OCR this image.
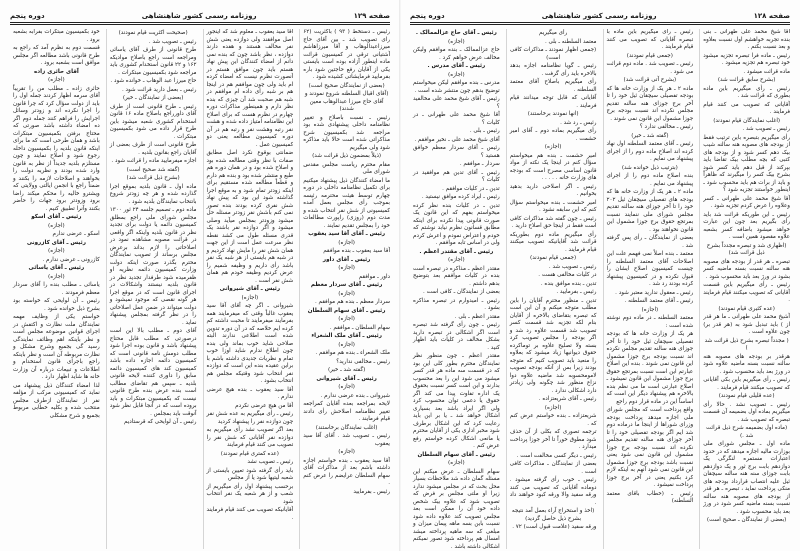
صفحه ۱۲۹
روزنامه رسمی کشور شاهنشاهی
دوره پنجم

رئیس ـ دستخط ( ۹۳ ) باکثریت (۶۲ رای تصویب شد ـ بین آقای حاج میرزاعبدالوهاب و آقا میرزاهاشم آشتیانی ترقی در کمیسیون قرائت ماده اینطور آزاده بوده است بایستی یکی از آقایان رفع حاجتین شود باره بفرمایید فرمایشاتی کشیده شود .

(بعضی از نمایندگان صحیح است)

(آقای اقبال السلطنه شروع نمودند و آقای حاج میرزا عبدالوهاب معین شدند)

رئیس ـ نسبت باصلاح و تغییر نظامنامه داخلی پیشنهادی شده بود مراجعه شد بکمیسیون شرح مذاکراتی شده است حالا باید مذاکره شود ولی میگیریم

(ذیلاً بمضمون ذیل قرائت شد)

مقام محترم ریاست مجلس مقدس شورای ملی

ما امضاء کنندگان ذیل پیشنهاد میکنیم برای تکمیل نظامنامه داخلی در دوره چهارم توسط هیئت محترمه رئیسه بموجب رأی مجلس بعمل آمده کمیسیونی از شش نفر انتخاب شده و مدت دوم (روزی) راپورت مطالعات خود را بمجلس تقدیم نمایند .

رئیس ـ آقای آقا سید یعقوب

(اجازه)

آقا سید یعقوب ـ بنده موافقم

رئیس ـ آقای داور

(اجازه)

داور ـ موافقم

رئیس ـ آقای سردار معظم

(اجازه)

سردار معظم ـ بنده هم موافقم .

رئیس ـ آقای سهام السلطان

(اجازه)

سهام السلطان ـ موافقم .

رئیس ـ آقای ملک الشعراء

(اجازه)

ملک الشعراء ـ بنده هم موافقم .

رئیس ـ مخالفی ندارید؟

(گفته شد ـ خیر)

رئیس ـ آقای شیروانی

(اجازه)

شیروانی ـ بنده عرضی ندارم .

لایحه بمراجعه بعده آقایان کمراجعه تغییر نظامنامه اصلاحش رأی دادند قیام فرمایند .

(اغلب نمایندگان برخاستند)

رئیس ـ تصویب شد . آقای آقا سید یعقوب

(اجازه)

آقا سید یعقوب ـ بنده خواستم اجازه داشته باشم بعد از مذاکرات آقای سهام السلطان عرایضم را عرض کنم .

رئیس ـ بفرمایید

آقا سید یعقوب ـ معلوم شد که اینجور اصل موافقند ولی دوازده یعنی شش نفر مخالف هستند و هفده دارند دوازده ، نظر باشد چون که بنده نمی دانم از امضاء کنندگان این پیش نهاد هستم باید چون موافق هستم در آنصورت نظرم نیست که امضاء کرده ام باید ولی چون موافقم هم در اینجا هم بر شبه رأی داده ام موافقم در شبه هم صحبت شد آن چیزی که بنده نظر دارم و همینطور مذاکرات دوره چهارم در نظرم هست که برای اصلاح این نظامنامه امتیاز داده شده و هشت نفر رتبه وهشت نفر و رتبه هم در آن دوره کمیسیون مطالعه یعنی دو کمیسیون عمل .

ضمانتی بوقوع نکرد اصل مطابق صفات با نظر وقتی مطالعه شده بود و اصلاح شده بود و در همان دوره هم طبع و منتشر شده بود و بنده هم دارم و قطعاً مطالعه شده مستقیم برای اینکه زودتر تمام شود و به موقع اجرا گذاشته شود این بود که پیش نهاد شش نفری کرده بودند بنده تصور نمی کنم باشش نفر زودتر مسئله حل میشود وزودتر بمجلس میآید وصلی میشود و اگر دوازده نفر باشند یک قدری مسئله طول می کشد نقطه نظر سرعت عمل است از این جهت همان شش نفر را مایش نهاد کردیم و در شبه هم بایستی از هر شبه یک نفر باشد رأی داریم و وظیفه شمیم را عرض کردیم وظیفه خودم هم همان شش نفر است .

رئیس ـ آقای شیروانی

(اجازه)

شیروانی ـ اگر چه آقای آقا سید یعقوب غالباً وقتی که میفرمایند همه بفرمایند میفرمایند تا محبت داشته کم کرده ایم خلاصه که در آن دوره تدوین شده است اطلاعی ندارند البته صلاحی شاید خوب بماند ولی بنده چون اطلاع ندارم شاید اوزا خوب تمام و نظریات جدیدی داشته باشم با براین عقیده بنده این است که دوازده نفر انتخاب شود وقتیکه مجلس هم انتخاب بشود .

آقا سید یعقوب ـ بنده هیچ عرضی ندارم .

آقا من هیچ عرضی نکردم

رئیس ـ رأی میگیریم به عده شش نفر چون دوازده نفر را پیشنهاد کردید

بعد اگر تصویب نشد رأی میگیریم به دوازده نفر آقایانی که شش نفر را تصویب می کنند قیام فرمایند

(عده کمتری قیام نمودند)

رئیس ـ تصویب نشد

باید رأی گرفته شود تعیین بایستی از شعبه لیتیها شود یا از مجلس

برحسب پیشنهاد اول رأی میگیریم از شعب و از هر شعبه یک نفر انتخاب شود

آقایانیکه تصویب می کنند قیام فرمایند .

(صحیحت اکثریت قیام نمودند)

رئیس ـ تصویب شد .

طرح قانونی از طرف آقای یاسائی ومراجعه است راجع باصلاح موادیکه ۱۶۲ و ۲۲ قانون استخدام کشوری باید مراجعه شود بکمیسیون مبتکرات .

حاج میرزا عبد الوهاب ـ خوانده شود .

رئیس ـ بعمل دارید قرائت شود .

(بعضی از نمایندگان ـ خیر)

رئیس ـ طرح قانونی است از طرف آقای داورراجع باصلاح ماده ۱۶ قانون استخدام کشوری شعبه میشود باین طرح قرار داده می شود بکمیسیون مبتکرات .

طرح قانونی است از طرف بعضی از آقایان راجع بقانون بلدیه .

اجازه میفرمایید ماده را قرائت شود .

(گفته شد صحیح است)

(بشرح ذیل قرائت شد)

ماده اول ـ قانون بلدیه بموقع اجرا گذارده شده و هر چه زودتر شروع بانتخاب نمایندگان بلدیه شود .

ماده دوم ـ تصمیم جلسه ۲۴ ثور ۱۳۰۰ مجلس شورای ملی راجع بمطلق کمیسیون دائمه یا دولت برای تجدید نظر در قانون بلدیه واینکه اگر واقعی در قرائت مصوبه مشاهده نمود در اصلاحاتی را لازم بداند برعرض مجلس برساند از تصویب نمایندگان محترم بگذرد صورت اینکه دولت وزارت کمیسیون دائمه نظریه او ظفرمیده شود طرفدار تجدید نظر در قانون بلدیه نیستند واشکالات در اجرای قانون است که در موقع اجرا هر گونه نقصی که موجود نمیشود و دولت میتواند در ضمن عمل اصلاحاتی را در نظر گرفته بمجلس پیشنهاد نماید .

آقای دوم ـ مطلب بالا این است درصورتی که مطلب قابل محتاج پیشنهاد باشد و قانون بوده اجرا شود مطلب دومش نامه قانونی است که کمیسیون دائمه اجازه داده باشد کمیسیون کند های کمیسیون دائمه سابق را داوری کننده لایحه قانونی بلدیه ـ سپس هم تقاضای مطالب است بنده عرض بنده طرح قانونی نیست که بکمیسیون مبتکرات و باید بروده است که در آنجا قابل نظر شود آنوقت باید بمجلس .

رئیس ـ آن لوایحی که قرستادیم

خود بکمیسیون مبتکرات بفرابه بشعبه برود .

قسمت دوم به نظرم آمد که راجع به طرح قانونی باشد مطالعه اگر مجلس موافق است بشعبه برود .

آقای حائری زاده

(اجازه)

حائری زاده ـ مطلب من را تقریباً آقای سرمه اظهار کردند جمله اول را باید از دولت سؤال کرد که چرا قانون را اجرا نکرده اند و زودتر وسائل اجرایش را فراهم کنند جمله دوم اگر ده امضاء داشته باشد صورتی که محتاج برفتن بکمیسیون مبتکرات باشد و همان طرحی است که ما برای اینکه قانون بلدیه را بکمیسیون داخله رجوع شود و اصلاح نمایند و چون مستلزم بلدیه جدیداً از نظر به قانون وارد شده بودند و نظریه دولت را بخواهند و اصلاحات لازمه را بکنند و ضمناً راجع با انجمن ایالتی وولایتی که ویشترو خالیه را محکم میکند راضا برود وزودتر برود جهات را حاضر بکنند وآنرا تطبیق کنیم .

رئیس ـ آقای اسکو

(اجازه)

اسکو ـ عرضی ندارم

رئیس ـ آقای کازرونی

(اجازه)

کازرونی ـ عرضی ندارم .

رئیس ـ آقای یاسائی

(اجازه)

یاسائی ـ مطلب بنده را آقای سردار معظم فرمودند .

رئیس ـ آن لوایحی که خواسته بود بشرح ذیل خوانده شود .

خواستم یکی از وظایف مهمه نمایندگان ملت نظارت و اکتفش در اجرای قوانین موضوعه مجلس است و نظر باینکه اهم وظائف نمایندگی رسید گی بجمیع وشرح مشکل و نظارت مربوطه آن است و نظر باینکه راجع باجرای قانون استخدام و اطلاعات و تبیعات درباره آن وزارت خانه ها شاید اظهار دارد .

لذا امضاء کنندگان ذیل پیشنهاد می نماید که کمیسیونی مرکب از مؤلفه نفر از نمایندگان ازطرف مجلس منتخب شده و بکلیه خطابی مربوط بجمیع و شرح مشکلی

صفحه ۱۲۸
روزنامه رسمی کشور شاهنشاهی
دوره پنجم

آقا شیخ محمد علی طهرانی ـ بنی بنده تجربه خواهشم اول نسبت بعلاوه و بعد نسبت بکنم .

رئیس ـ ماده فرا تبصره تجزیه میشود خود تبصره هم تجزیه میشود .

ماده قرائت میشود .

(بشرح سابق قرائت شد)

رئیس ـ رأی میگیریم باین ماده بطوری که قرائت شد .

آقایانی که تصویب می کنند قیام فرمایند .

(اغلب نمایندگان قیام نمودند)

رئیس ـ تصویب شد .

رأی میگیریم بتبصره باین ترتیب فقط از بودجه های مصوبه هنه سالنه شیب بیک دهم کسر شود و از بودجه های کتبی که بچه مطلب بیک تقاضا باید بپرکند از قبل دهم باید کسر شود بشرح بیک کسر را میگیرند که ظاهراً و باید از برات هم باید محسوب شود ـ اینطور خواستند تجزیه شود ؟

آقا شیخ محمد علی طهرانی ـ کسر وعلاوه را عرض کردم تجزیه شود .

رئیس ـ این طوریکه قرائت شد باید رأی بگیریم بعد چون این عبارت خواهد میشود باضافه کسر بشعبه علاوه مقصود همین است .

(اظهاری شد و تبصره مجدداً بشرح ذیل قرائت شد)

تبصره ـ هر قدر از بودجه های مصوبه هنه سالنه نسبت بسنه ماضیه کسر بشود در ورژ بعد باید محسوب شود .

رئیس ـ رأی میگیریم باین قسمت آقایانی که تصویب میکنند قیام فرمایند .

(عده کثیری قیام نمودند)

آشیخ محمد علی طهرانی ـ ما هر قدر از ) باید تبدیل شود به (هر قدر بر) چون علاوه است .

( مجدداً تبصره بشرح ذیل قرائت شد )

هرقدر بر بودجه های مصوبه هنه سالنه نسبت بسنه ماضیه علاوه شود در ورژ بعد باید محسوب شود .

رئیس ـ رأی میگیریم باین بکی آقایانی که تصویب میکنند قیام فرمایند .

(عده قلیلی قیام نمودند)

رئیس ـ تصویب نشد . حالا رأی میگیریم بماده اول بضمیمه آن قسمت تبصره که تصویب شد .

(ماده اول بضمیمه شرح ذیل قرائت شد .)

ماده اول ـ مجلس شورای ملی بوزارت مالیه اجازه میدهد که در حدود اعتبارات مستمره لنگرگی یک دوازدهم بابت برج ثور و یک دوازدهم بابت جوزای سنه هنه سالنه سیچقان ئیل علیه انتصاب قرارداد بودجه های منکی پرداخت نماید ، تبصره ـ هر قدر از بودجه های مصوبه هنه سالنه نسبت بسنه ماضیه کسر شود در ورژ بعد باید محسوب شود .

(بعضی از نمایندگان ـ صحیح است)

رئیس ـ رأی میگیریم باین ماده با تبصره آقایانی که تصویب می کنند قیام فرمایند .

(جمعی قیام نمودند)

رئیس ـ تصویب شد . ماده دوم قرائت می شود .

(بشرح آتی قرائت شد)

ماده ۲ ـ هر یک از وزارت خانه ها که بودجه تفصیلی سیچقان ئیل خود را تا آخر برج جوزای هنه سالنه تقدیم مجلس نکرده اند نسبت بودجه برج جوزا مشمول این قانون نمی شوند .

رئیس ـ مخالفی ندارد ؟

(گفته شد ـ خیر)

رئیس ـ آقای معتمد السلطنه اول نهاد کرده اند اصلاح ماده دوم را از اجرای پیشنهاد می نمایم .

(بترتیب ذیل خوانده شد)

بنده اصلاح ماده دوم را از اجرای پیشنهاد می نمایم .

ماده ۲ ـ هر یک از وزارت خانه ها که بودجه های تفصیلی سیچقان ئیل ۲۰۲ خود را تا آخر جوزای هنه سالنه تقدیم مجلس شورای ملی ننمایند نسبت بمرتجع حقوق برج جوزا مشمول این قانون نخواهند بود .

بعضی از نمایندگان ـ رأی پس گرفته شد .

معتمد ـ بنده اصلاً نمی فهمم علت این اصلاحات آقای معتمد السلطنه را چیست کمیسیون اصلاح ایشان را قبول نکرده و در کمیسیون پیشنهاد کرده بودند رد شد .

رئیس ـ معقول ندارید معتبر شود .

رئیس ـ آقای معتمد السلطنه .

(اجازه)

معتمد السلطنه ـ در ماده دوم نوشته شده است :

هر یک از وزارت خانه ها که بودجه تفصیلی سیچقان ئیل خود را تا آخر جوزای هنه سالنه تقدیم مجلس نکرده اند نسبت بودجه برج جوزا مشمول این قانون نمی شوند . بنده این اصلاح عبارتم این است نسبت بمرتجع حقوق برج جوزا مشمول این قانون نمیشود ـ اصلاح عبارتی است ما می نظم بنده بالاخره هم پیشنهاد دیگر این است که اساساً این در ماده قرار دوم راجع

واقع پرداخت است که مجلس شورای ملی اجازه میدهد پرداخت بودجه وزرای شوراها از اینجا ما درماده دوم شد ایم اگر بودجه تفصیلی خود را تا آخر جوزای هنه سالنه تقدیم مجلس نکرده اند نسبت بودجه برج جوزا مشمول این قانون نمی شود یعنی نسبت باشد بودجه برج جوزا مشمول این قانون نمی شود آنهم به اینکه لازم کرد بکنیم یعنی در آخر برج جوزا پرداخت نمیشود .

رئیس ـ (خطاب باقای معتمد السلطنه)

رأی میگیریم

معتمد السلطنه ـ بلی .

(جمعی اظهار نمودند ـ مذاکرات کافی است)

رئیس ـ گویا نظامنامه اجازه بدهد بالاخره باید رأی گرفت .

رأی میگیریم باصلاح آقای معتمد السلطنه .

آقایانی که قابل توجه میدانند قیام فرمایند .

(انها نمودند برخاستند)

رئیس ـ رد شد .

رأی میگیریم بماده دوم ـ آقای امیر حشمت .

(اجازه)

امیر حشمت ـ بنده هم میخواستم سؤال کنم در اینجا یک نکته از مواد قانون اساسی مصرح است که بودجه های وزارت خانه . . . . .

رئیس ـ اگر اصلاحی دارید بدهید بخوانیم .

امیر حشمت ـ بنده میخواستم سؤال کنم که این سابقه نشود .

رئیس ـ چون گفته شد مذاکرات کافی است فقط در اینجا حق اصلاح دارید .

رأی میگیریم ماده دوم بطوریکه قرائت شد آقایانیکه تصویب میکنند قیام فرمایند .

(جمعی قیام نمودند)

رئیس ـ تصویب شد .

در کلیات مخالفی هست .

تدین ـ بنده موافق بنده .

رئیس ـ بفرمایید .

تدین ـ منظور محترم آقایان را باین مطلب متوجه میکنم و آن این است که تبصره بتقاضای بالاخره از آقایان بنام لکه تجزیه شد قسمت کسر تصویب شد قسمت علاوه رد شد و اگر بودجه را مجلس تصویب کرد بسته ولا تصلیح علاوه بر توماکرده حقوق دیوانیها زیاد میشود که بعلاوه را منعید باید تصویب کنیم که متوجه بودند زیرا بس از آنکه بودجه تصویب لامومحسوبه شد ماضیه علاوه دوا نزاع منظور شد چگونه ولی زیادتر دارد اشکالی ندارد .

رئیس ـ آقای شریعتزاده .

(اجازه)

شریعتزاده ـ بنده خواستم عرض کنم که .

ترجمه تصوری که بکلی از آن حذف شود مطوق خوراً تا آخر جوزا پرداخت میدارد .

رئیس ـ دیگر کسی مخالفت است .

بعضی از نمایندگان ـ مذاکرات کافی است .

رئیس ـ خوب رأی گرفته میشود . دوماده آقایانی که تصویب می کنند ورقه سفید والا ورقه کبود خواهند داد .

(اخذ و استخراج آراء بعمل آمد نتیجه بشرح ذیل حاصل گردید)

ورقه سفید (علامت قبول است) ۷۲ .

رئیس ـ آقای حاج عزالممالک .

(اجازه)

حاج عزالممالک ـ بنده موافقم ولیکن مخالف عرض خواهم کرد .

رئیس ـ آقای مدرس .

(اجازه)

مدرس ـ بنده موافقم لیکن میخواستم توضیح بدهم چون منتشر شده است .

رئیس ـ آقای شیخ محمد علی مخالفید ؟

آقا شیخ محمد علی طهرانی ـ در کلیات ؟

رئیس ـ بلی .

آقای شیخ محمد علی ـ نخیر موافقم .

رئیس ـ آقای سردار معظم خوافق هستید ؟

سردار ـ موافقم .

رئیس ـ آقای تدین هم موافقید در کلیات ؟

تدین ـ در کلیات موافقم .

رئیس ـ ایراد کرده موافق نیستید .

تدین ـ در کلیات بنده نظر کرده میخواستم بفهم که این قانون یک صورت قانونی پیدا نکرده برای اینکه مطابق قسانون نظرم نیابد نوشتم که خودم و اعتراض نمودم و اعرش کردم ولی در اساس تابه موافقم .

رئیس ـ آقای مقتدر اعظم .

(اجازه)

مقتدر اعظم ـ مذاکره در تبصره است بنده در کلیات موافقم بعد بتوضیح بدهم داشتم .

بعضی از نمایندگان ـ کافی است .

رئیس ـ امیدوارم در تبصره مذاکره بشود .

مقتدر اعظم ـ بلی .

رئیس ـ چون رأی گرفته شد تبصره است اگر اشکالی در تبصره دارید بشکل مخالف در کلیات باید اظهار کنید .

مقتدر اعظم ـ چون منظور نظر نمایندگان محترم بطور کلی این بود که در قسمت سه ماده هر قدر کسر میشود می شود این را بعد محسوب بدارند و این است کسر نسبت بحقوق یک اداره تفاوت پیدا می کند اگر حقوق یا دعمی توان محسوب کرد ولی اگر ایراد باشد بعد بسیاری اشکال خواهد شد ـ یا بر این باید رعایت کرد که این اشکال برطرف شود مخبر اداری یکی از آقایان محترم یا مانعی اشکال کرده خواستم رفع عرض کنم .

رئیس ـ آقای سهام السلطان

(اجازه)

سهام السلطان ـ عرض میکنم این مسئله گمان داده شد ملاحظات بسیار محل بحث که در مجلس میشود ندارد زیرا او ملتی مجلس بر فرض که تصویب شود که علاوه بیک شخص داده خود آن را ممکن است بعد مجلس تصویب کند علاوه داده شود نسبت باین بسه ماهه پیمان میزان و مبلغی که سه ماهیه پرداخته میشد امسال هم پرداخته شود تصور نمیکنم اشکالی داشته باشد .
